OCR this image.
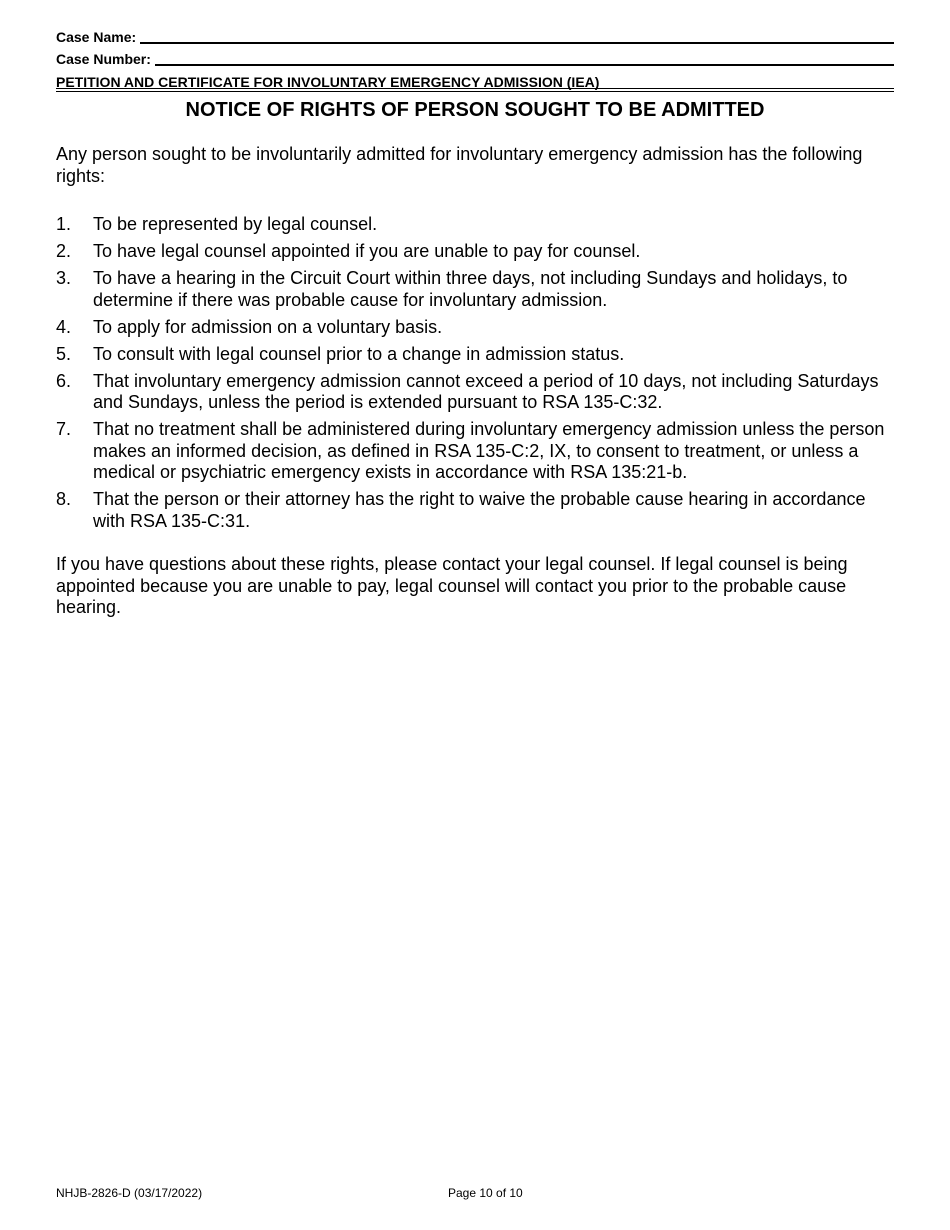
Case Name:
Case Number:
PETITION AND CERTIFICATE FOR INVOLUNTARY EMERGENCY ADMISSION (IEA)
NOTICE OF RIGHTS OF PERSON SOUGHT TO BE ADMITTED

Any person sought to be involuntarily admitted for involuntary emergency admission has the following rights:

1.	To be represented by legal counsel.
2.	To have legal counsel appointed if you are unable to pay for counsel.
3.	To have a hearing in the Circuit Court within three days, not including Sundays and holidays, to determine if there was probable cause for involuntary admission.
4.	To apply for admission on a voluntary basis.
5.	To consult with legal counsel prior to a change in admission status.
6.	That involuntary emergency admission cannot exceed a period of 10 days, not including Saturdays and Sundays, unless the period is extended pursuant to RSA 135-C:32.
7.	That no treatment shall be administered during involuntary emergency admission unless the person makes an informed decision, as defined in RSA 135-C:2, IX, to consent to treatment, or unless a medical or psychiatric emergency exists in accordance with RSA 135:21-b.
8.	That the person or their attorney has the right to waive the probable cause hearing in accordance with RSA 135-C:31.

If you have questions about these rights, please contact your legal counsel. If legal counsel is being appointed because you are unable to pay, legal counsel will contact you prior to the probable cause hearing.

NHJB-2826-D (03/17/2022)	Page 10 of 10
